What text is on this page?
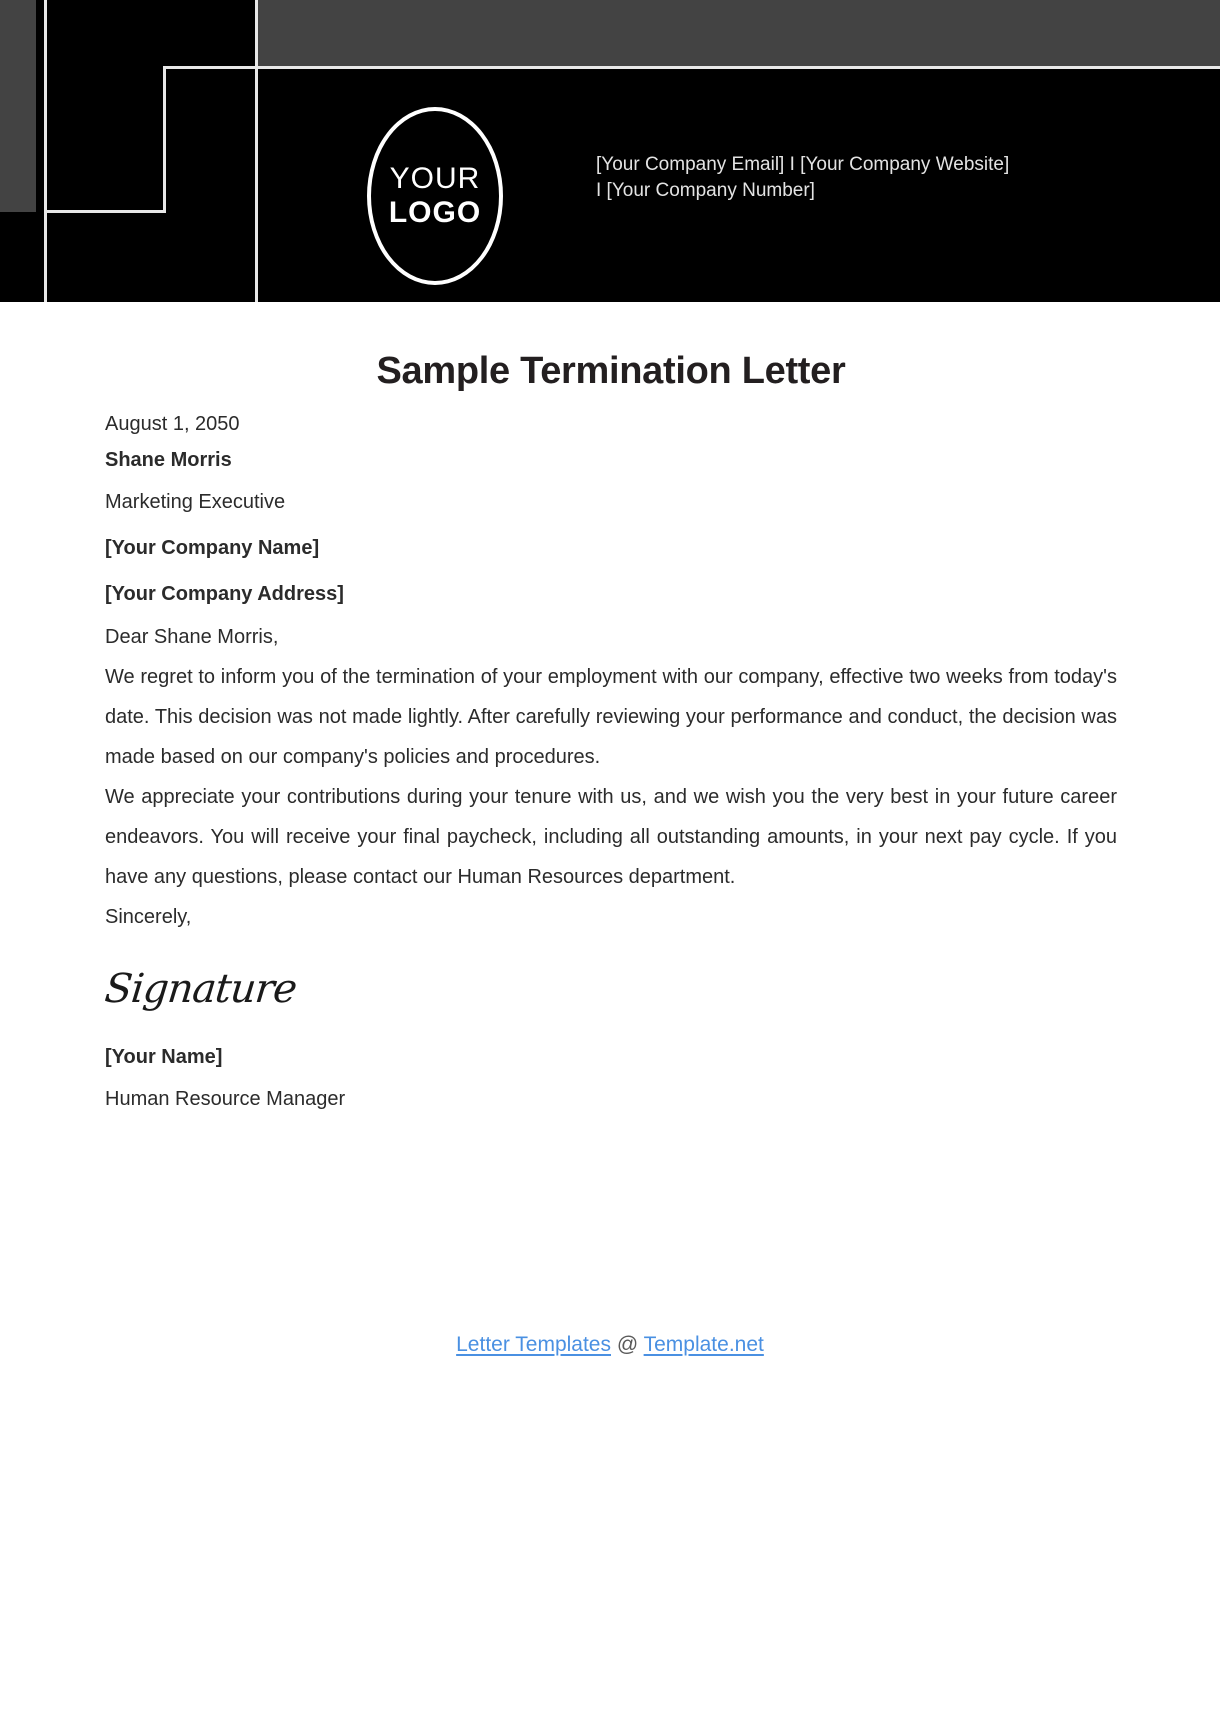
YOUR
LOGO
[Your Company Email] I [Your Company Website]
I [Your Company Number]
Sample Termination Letter
August 1, 2050
Shane Morris
Marketing Executive
[Your Company Name]
[Your Company Address]
Dear Shane Morris,

We regret to inform you of the termination of your employment with our company, effective two weeks from today's date. This decision was not made lightly. After carefully reviewing your performance and conduct, the decision was made based on our company's policies and procedures.

We appreciate your contributions during your tenure with us, and we wish you the very best in your future career endeavors. You will receive your final paycheck, including all outstanding amounts, in your next pay cycle. If you have any questions, please contact our Human Resources department.

Sincerely,
Signature
[Your Name]
Human Resource Manager
Letter Templates @ Template.net
